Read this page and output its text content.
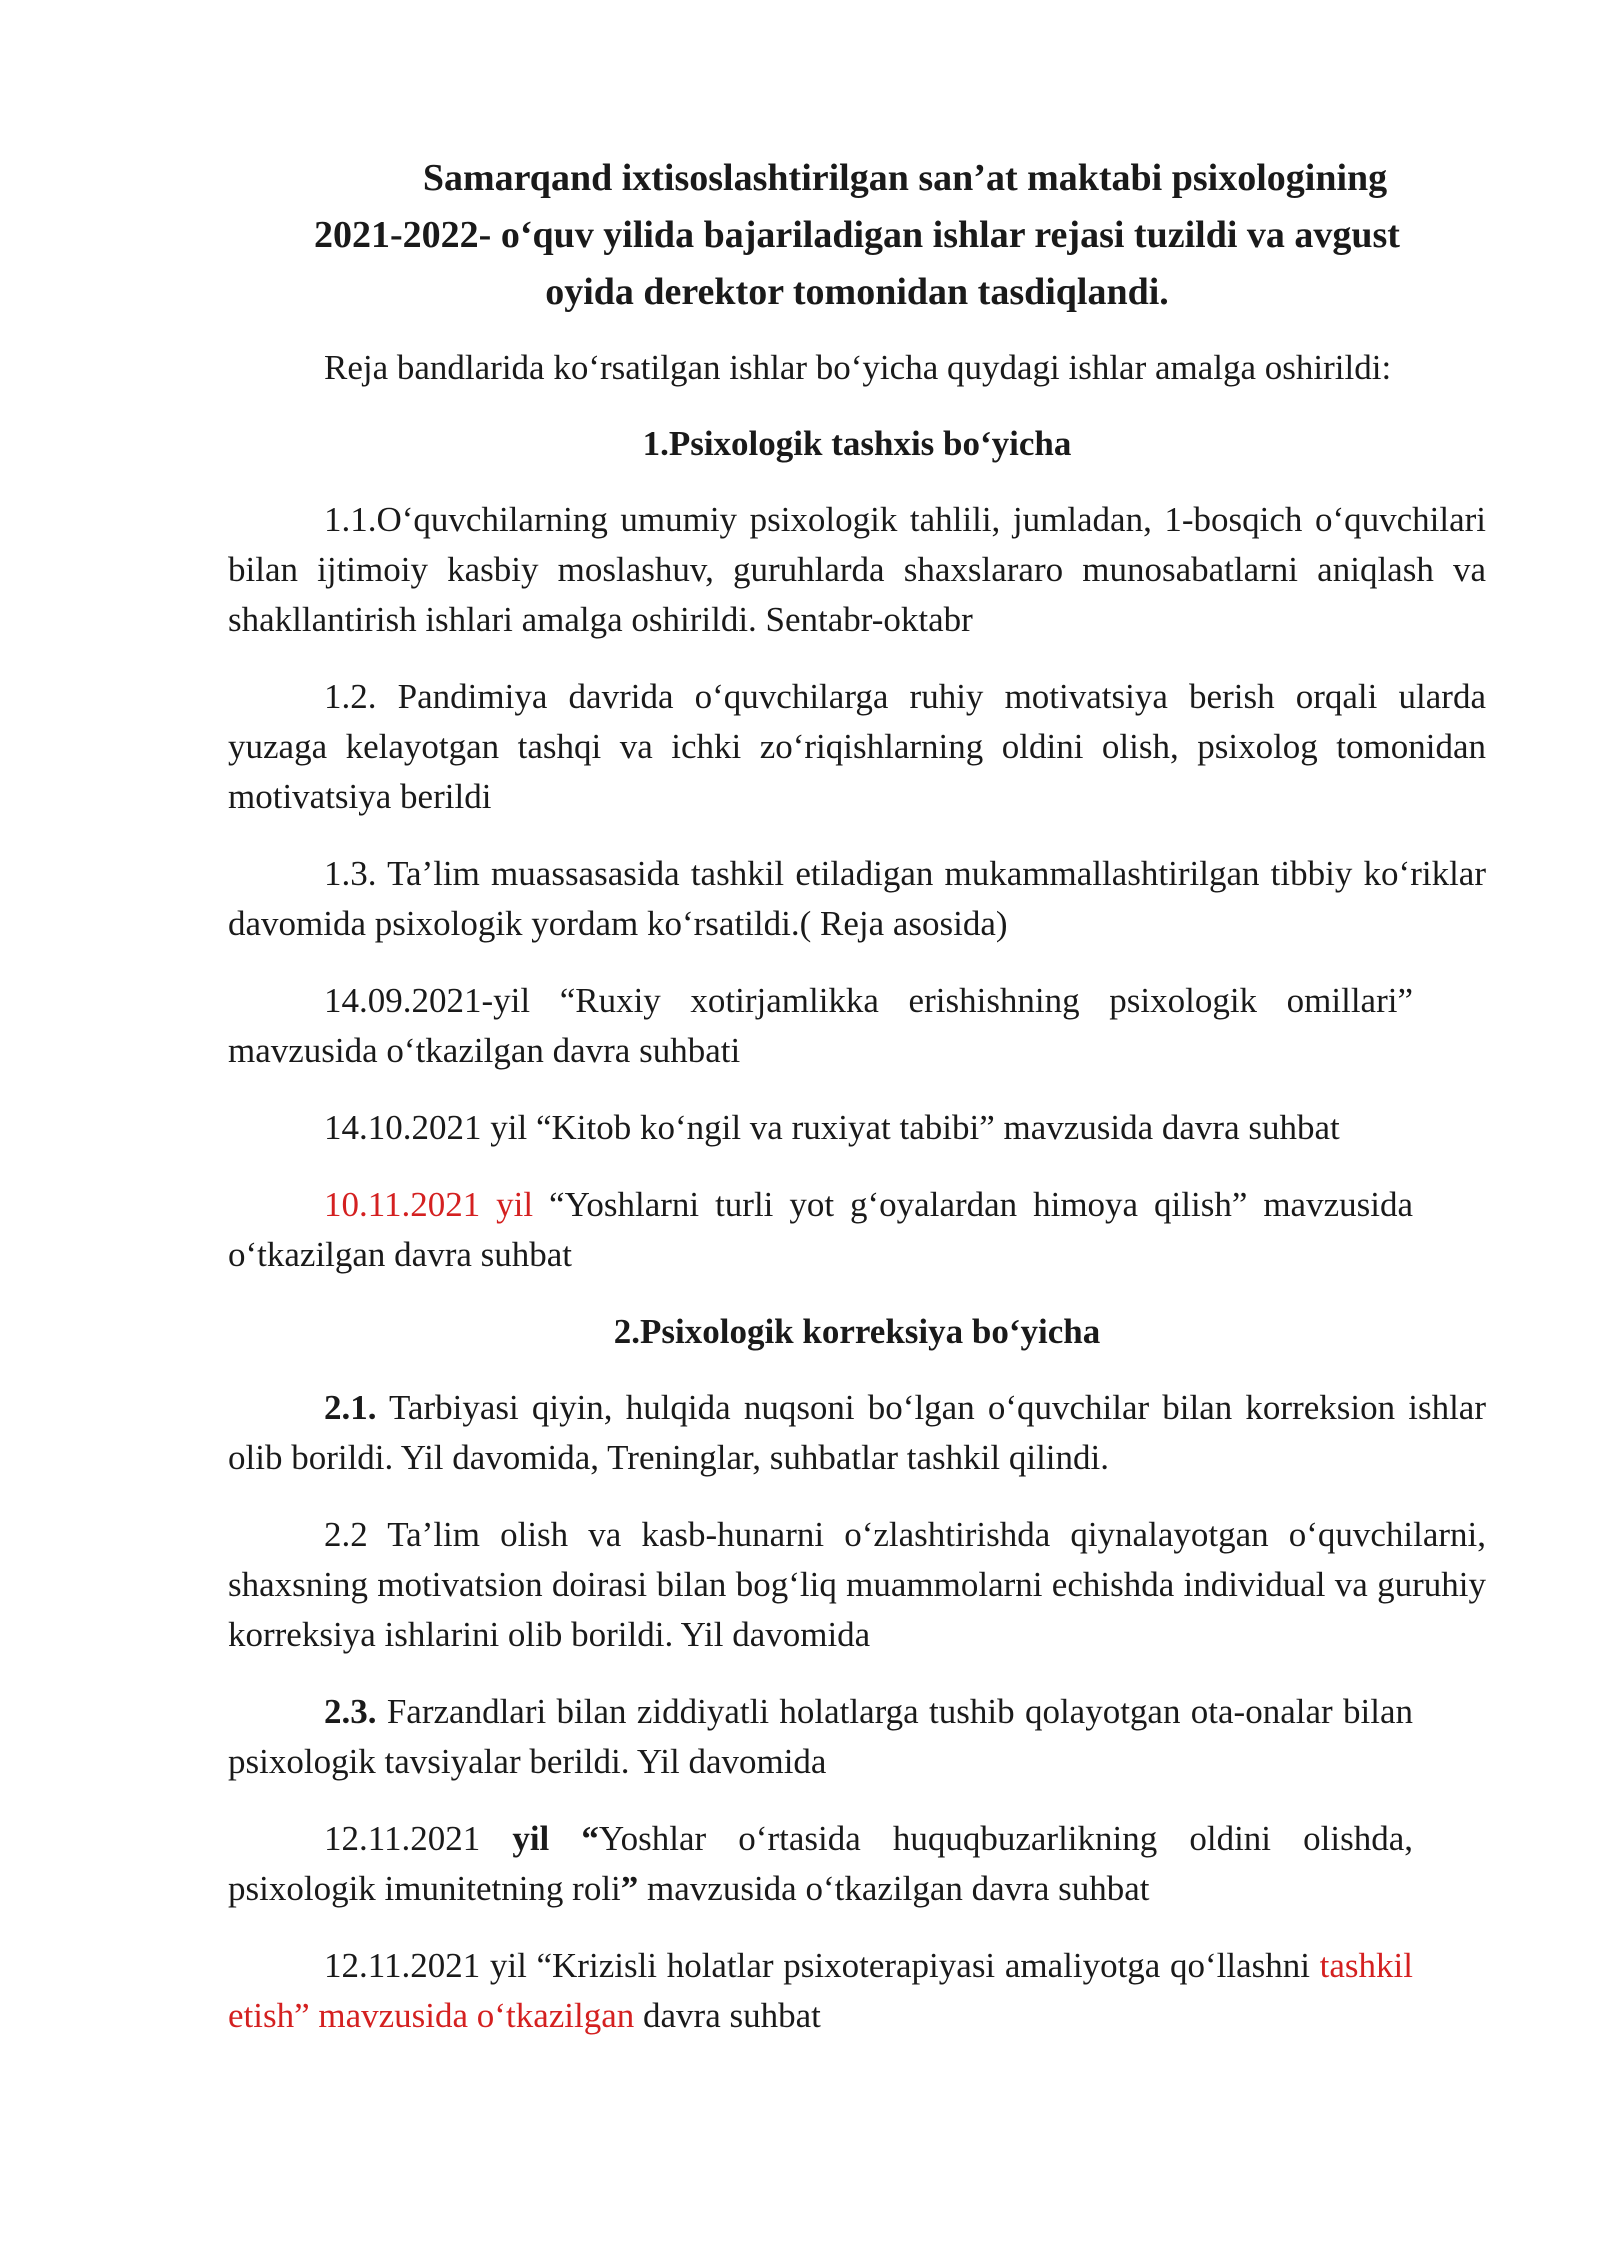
Samarqand ixtisoslashtirilgan san’at maktabi psixologining
2021-2022- o‘quv yilida bajariladigan ishlar rejasi tuzildi va avgust
oyida derektor tomonidan tasdiqlandi.

Reja bandlarida ko‘rsatilgan ishlar bo‘yicha quydagi ishlar amalga oshirildi:

1.Psixologik tashxis bo‘yicha

1.1.O‘quvchilarning umumiy psixologik tahlili, jumladan, 1-bosqich o‘quvchilari bilan ijtimoiy kasbiy moslashuv, guruhlarda shaxslararo munosabatlarni aniqlash va shakllantirish ishlari amalga oshirildi. Sentabr-oktabr

1.2. Pandimiya davrida o‘quvchilarga ruhiy motivatsiya berish orqali ularda yuzaga kelayotgan tashqi va ichki zo‘riqishlarning oldini olish, psixolog tomonidan motivatsiya berildi

1.3. Ta’lim muassasasida tashkil etiladigan mukammallashtirilgan tibbiy ko‘riklar davomida psixologik yordam ko‘rsatildi.( Reja asosida)

14.09.2021-yil “Ruxiy xotirjamlikka erishishning psixologik omillari” mavzusida o‘tkazilgan davra suhbati

14.10.2021 yil “Kitob ko‘ngil va ruxiyat tabibi” mavzusida davra suhbat

10.11.2021 yil “Yoshlarni turli yot g‘oyalardan himoya qilish” mavzusida o‘tkazilgan davra suhbat

2.Psixologik korreksiya bo‘yicha

2.1. Tarbiyasi qiyin, hulqida nuqsoni bo‘lgan o‘quvchilar bilan korreksion ishlar olib borildi. Yil davomida, Treninglar, suhbatlar tashkil qilindi.

2.2 Ta’lim olish va kasb-hunarni o‘zlashtirishda qiynalayotgan o‘quvchilarni, shaxsning motivatsion doirasi bilan bog‘liq muammolarni echishda individual va guruhiy korreksiya ishlarini olib borildi. Yil davomida

2.3. Farzandlari bilan ziddiyatli holatlarga tushib qolayotgan ota-onalar bilan psixologik tavsiyalar berildi. Yil davomida

12.11.2021 yil “Yoshlar o‘rtasida huquqbuzarlikning oldini olishda, psixologik imunitetning roli” mavzusida o‘tkazilgan davra suhbat

12.11.2021 yil “Krizisli holatlar psixoterapiyasi amaliyotga qo‘llashni tashkil etish” mavzusida o‘tkazilgan davra suhbat
